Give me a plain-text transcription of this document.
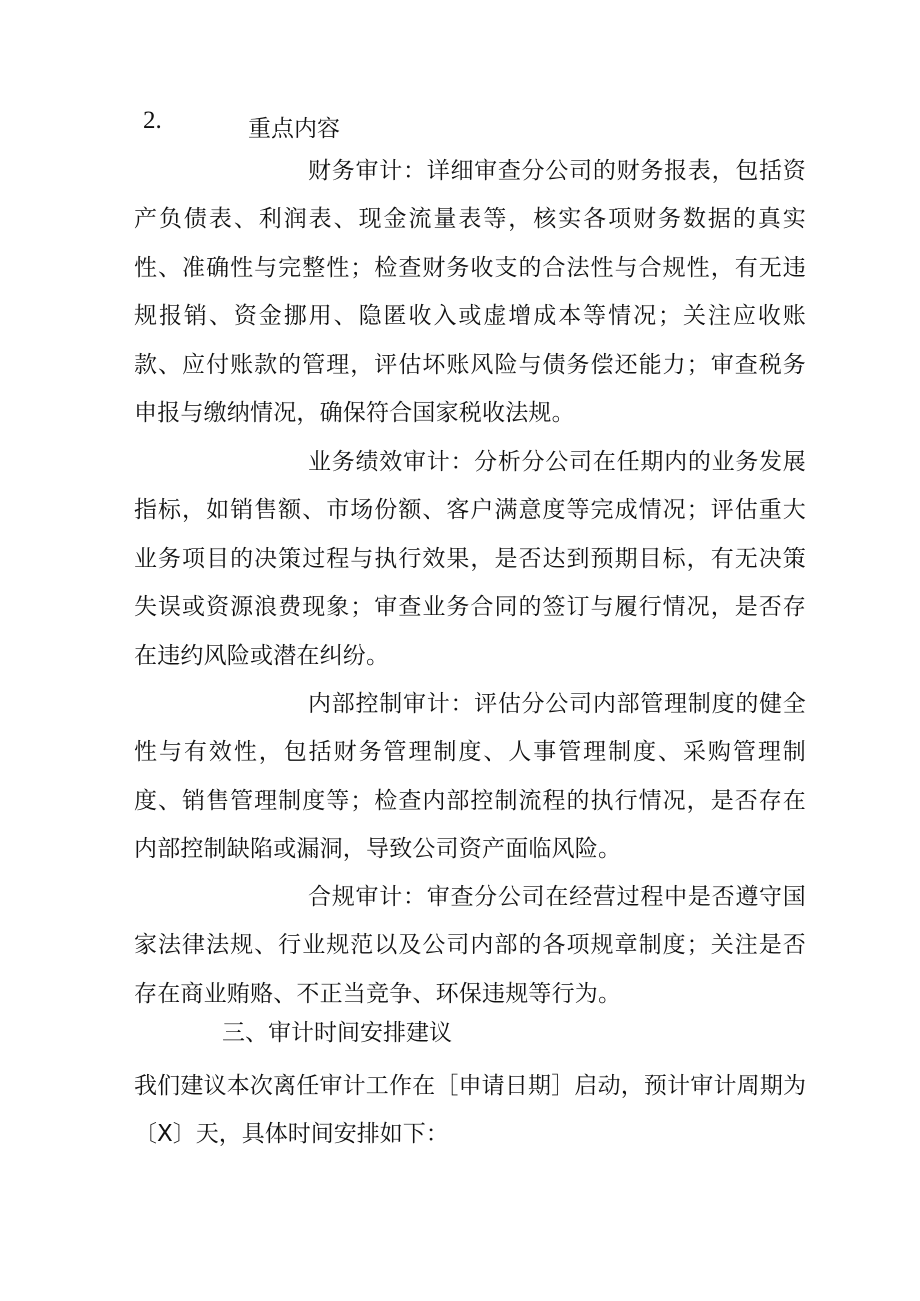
2.	重点内容
财务审计：详细审查分公司的财务报表，包括资产负债表、利润表、现金流量表等，核实各项财务数据的真实性、准确性与完整性；检查财务收支的合法性与合规性，有无违规报销、资金挪用、隐匿收入或虚增成本等情况；关注应收账款、应付账款的管理，评估坏账风险与债务偿还能力；审查税务申报与缴纳情况，确保符合国家税收法规。
业务绩效审计：分析分公司在任期内的业务发展指标，如销售额、市场份额、客户满意度等完成情况；评估重大业务项目的决策过程与执行效果，是否达到预期目标，有无决策失误或资源浪费现象；审查业务合同的签订与履行情况，是否存在违约风险或潜在纠纷。
内部控制审计：评估分公司内部管理制度的健全性与有效性，包括财务管理制度、人事管理制度、采购管理制度、销售管理制度等；检查内部控制流程的执行情况，是否存在内部控制缺陷或漏洞，导致公司资产面临风险。
合规审计：审查分公司在经营过程中是否遵守国家法律法规、行业规范以及公司内部的各项规章制度；关注是否存在商业贿赂、不正当竞争、环保违规等行为。
三、审计时间安排建议
我们建议本次离任审计工作在［申请日期］启动，预计审计周期为〔X〕天，具体时间安排如下：
